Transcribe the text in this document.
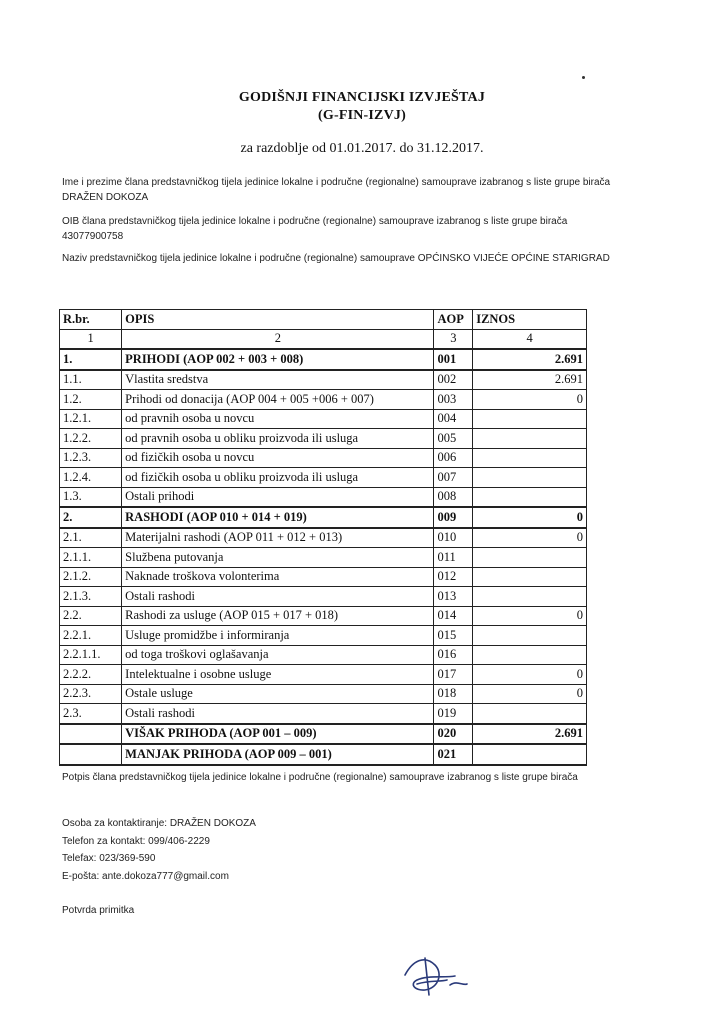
GODIŠNJI FINANCIJSKI IZVJEŠTAJ
(G-FIN-IZVJ)
za razdoblje od 01.01.2017. do 31.12.2017.
Ime i prezime člana predstavničkog tijela jedinice lokalne i područne (regionalne) samouprave izabranog s liste grupe birača DRAŽEN DOKOZA
OIB člana predstavničkog tijela jedinice lokalne i područne (regionalne) samouprave izabranog s liste grupe birača 43077900758
Naziv predstavničkog tijela jedinice lokalne i područne (regionalne) samouprave OPĆINSKO VIJEĆE OPĆINE STARIGRAD
R.br.	OPIS	AOP	IZNOS
1	2	3	4
1.	PRIHODI (AOP 002 + 003 + 008)	001	2.691
1.1.	Vlastita sredstva	002	2.691
1.2.	Prihodi od donacija (AOP 004 + 005 +006 + 007)	003	0
1.2.1.	od pravnih osoba u novcu	004	
1.2.2.	od pravnih osoba u obliku proizvoda ili usluga	005	
1.2.3.	od fizičkih osoba u novcu	006	
1.2.4.	od fizičkih osoba u obliku proizvoda ili usluga	007	
1.3.	Ostali prihodi	008	
2.	RASHODI (AOP 010 + 014 + 019)	009	0
2.1.	Materijalni rashodi (AOP 011 + 012 + 013)	010	0
2.1.1.	Službena putovanja	011	
2.1.2.	Naknade troškova volonterima	012	
2.1.3.	Ostali rashodi	013	
2.2.	Rashodi za usluge (AOP 015 + 017 + 018)	014	0
2.2.1.	Usluge promidžbe i informiranja	015	
2.2.1.1.	od toga troškovi oglašavanja	016	
2.2.2.	Intelektualne i osobne usluge	017	0
2.2.3.	Ostale usluge	018	0
2.3.	Ostali rashodi	019	
	VIŠAK PRIHODA (AOP 001 – 009)	020	2.691
	MANJAK PRIHODA (AOP 009 – 001)	021	
Potpis člana predstavničkog tijela jedinice lokalne i područne (regionalne) samouprave izabranog s liste grupe birača
Osoba za kontaktiranje: DRAŽEN DOKOZA
Telefon za kontakt: 099/406-2229
Telefax: 023/369-590
E-pošta: ante.dokoza777@gmail.com
Potvrda primitka
